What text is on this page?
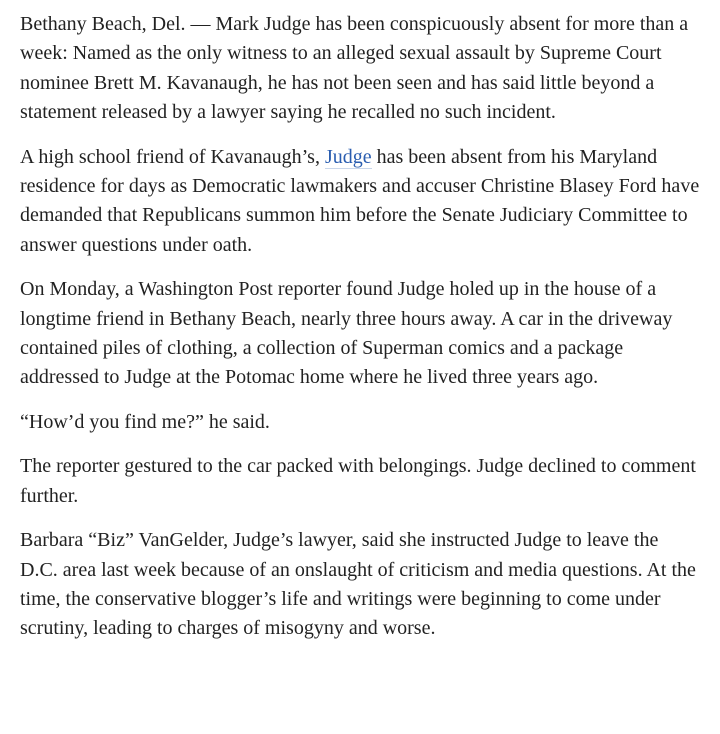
Bethany Beach, Del. — Mark Judge has been conspicuously absent for more than a week: Named as the only witness to an alleged sexual assault by Supreme Court nominee Brett M. Kavanaugh, he has not been seen and has said little beyond a statement released by a lawyer saying he recalled no such incident.

A high school friend of Kavanaugh’s, Judge has been absent from his Maryland residence for days as Democratic lawmakers and accuser Christine Blasey Ford have demanded that Republicans summon him before the Senate Judiciary Committee to answer questions under oath.

On Monday, a Washington Post reporter found Judge holed up in the house of a longtime friend in Bethany Beach, nearly three hours away. A car in the driveway contained piles of clothing, a collection of Superman comics and a package addressed to Judge at the Potomac home where he lived three years ago.

“How’d you find me?” he said.

The reporter gestured to the car packed with belongings. Judge declined to comment further.

Barbara “Biz” VanGelder, Judge’s lawyer, said she instructed Judge to leave the D.C. area last week because of an onslaught of criticism and media questions. At the time, the conservative blogger’s life and writings were beginning to come under scrutiny, leading to charges of misogyny and worse.
